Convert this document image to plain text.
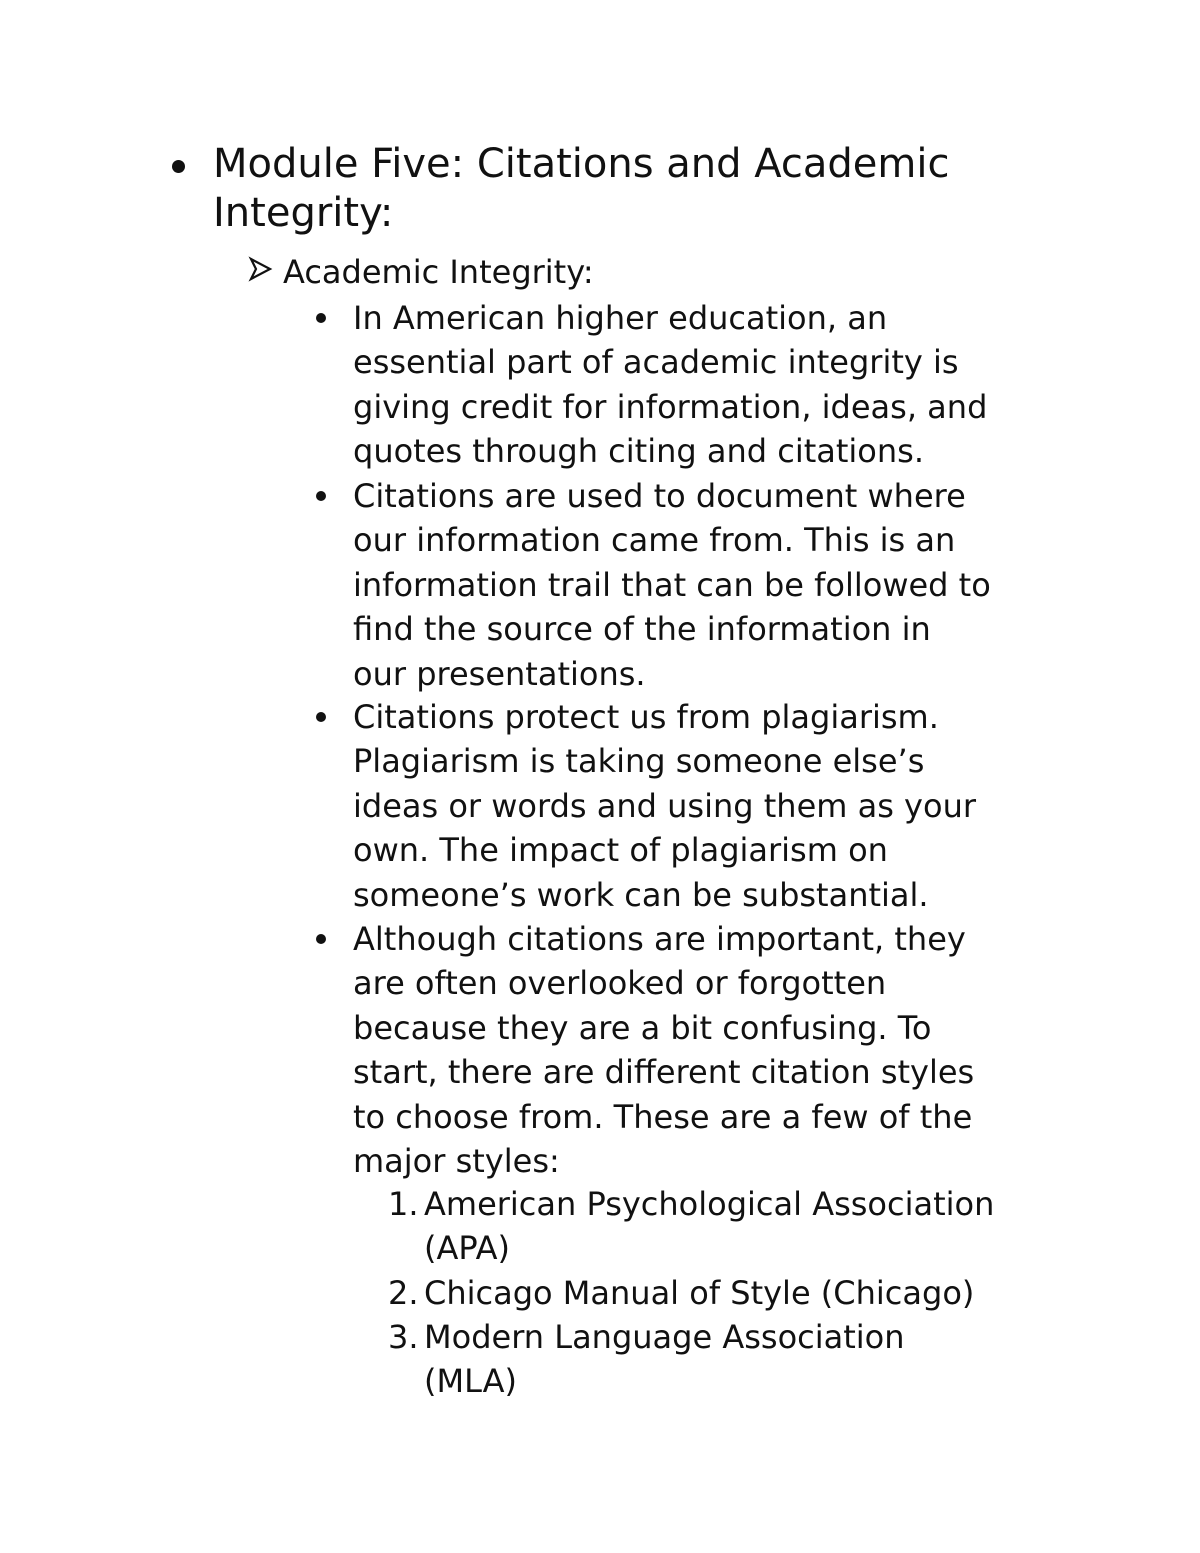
Module Five: Citations and Academic Integrity:
Academic Integrity:
In American higher education, an
essential part of academic integrity is
giving credit for information, ideas, and
quotes through citing and citations.
Citations are used to document where
our information came from. This is an
information trail that can be followed to
find the source of the information in
our presentations.
Citations protect us from plagiarism.
Plagiarism is taking someone else’s
ideas or words and using them as your
own. The impact of plagiarism on
someone’s work can be substantial.
Although citations are important, they
are often overlooked or forgotten
because they are a bit confusing. To
start, there are different citation styles
to choose from. These are a few of the
major styles:
1. American Psychological Association
(APA)
2. Chicago Manual of Style (Chicago)
3. Modern Language Association
(MLA)
